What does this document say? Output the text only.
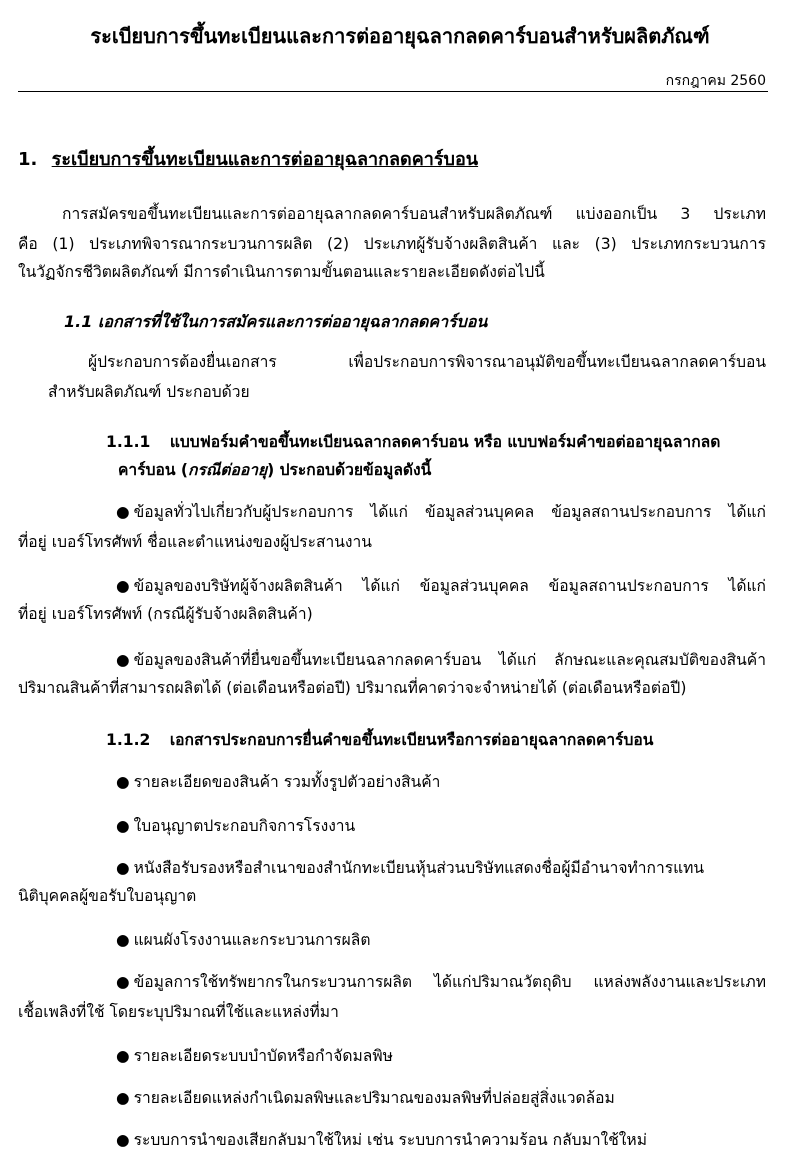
ระเบียบการขึ้นทะเบียนและการต่ออายุฉลากลดคาร์บอนสำหรับผลิตภัณฑ์
กรกฎาคม 2560
1. ระเบียบการขึ้นทะเบียนและการต่ออายุฉลากลดคาร์บอน
การสมัครขอขึ้นทะเบียนและการต่ออายุฉลากลดคาร์บอนสำหรับผลิตภัณฑ์ แบ่งออกเป็น 3 ประเภท
คือ (1) ประเภทพิจารณากระบวนการผลิต (2) ประเภทผู้รับจ้างผลิตสินค้า และ (3) ประเภทกระบวนการ
ในวัฏจักรชีวิตผลิตภัณฑ์ มีการดำเนินการตามขั้นตอนและรายละเอียดดังต่อไปนี้
1.1 เอกสารที่ใช้ในการสมัครและการต่ออายุฉลากลดคาร์บอน
ผู้ประกอบการต้องยื่นเอกสาร เพื่อประกอบการพิจารณาอนุมัติขอขึ้นทะเบียนฉลากลดคาร์บอน
สำหรับผลิตภัณฑ์ ประกอบด้วย
1.1.1 แบบฟอร์มคำขอขึ้นทะเบียนฉลากลดคาร์บอน หรือ แบบฟอร์มคำขอต่ออายุฉลากลด
คาร์บอน (กรณีต่ออายุ) ประกอบด้วยข้อมูลดังนี้
● ข้อมูลทั่วไปเกี่ยวกับผู้ประกอบการ ได้แก่ ข้อมูลส่วนบุคคล ข้อมูลสถานประกอบการ ได้แก่
ที่อยู่ เบอร์โทรศัพท์ ชื่อและตำแหน่งของผู้ประสานงาน
● ข้อมูลของบริษัทผู้จ้างผลิตสินค้า ได้แก่ ข้อมูลส่วนบุคคล ข้อมูลสถานประกอบการ ได้แก่
ที่อยู่ เบอร์โทรศัพท์ (กรณีผู้รับจ้างผลิตสินค้า)
● ข้อมูลของสินค้าที่ยื่นขอขึ้นทะเบียนฉลากลดคาร์บอน ได้แก่ ลักษณะและคุณสมบัติของสินค้า
ปริมาณสินค้าที่สามารถผลิตได้ (ต่อเดือนหรือต่อปี) ปริมาณที่คาดว่าจะจำหน่ายได้ (ต่อเดือนหรือต่อปี)
1.1.2 เอกสารประกอบการยื่นคำขอขึ้นทะเบียนหรือการต่ออายุฉลากลดคาร์บอน
● รายละเอียดของสินค้า รวมทั้งรูปตัวอย่างสินค้า
● ใบอนุญาตประกอบกิจการโรงงาน
● หนังสือรับรองหรือสำเนาของสำนักทะเบียนหุ้นส่วนบริษัทแสดงชื่อผู้มีอำนาจทำการแทน
นิติบุคคลผู้ขอรับใบอนุญาต
● แผนผังโรงงานและกระบวนการผลิต
● ข้อมูลการใช้ทรัพยากรในกระบวนการผลิต ได้แก่ปริมาณวัตถุดิบ แหล่งพลังงานและประเภท
เชื้อเพลิงที่ใช้ โดยระบุปริมาณที่ใช้และแหล่งที่มา
● รายละเอียดระบบบำบัดหรือกำจัดมลพิษ
● รายละเอียดแหล่งกำเนิดมลพิษและปริมาณของมลพิษที่ปล่อยสู่สิ่งแวดล้อม
● ระบบการนำของเสียกลับมาใช้ใหม่ เช่น ระบบการนำความร้อน กลับมาใช้ใหม่
